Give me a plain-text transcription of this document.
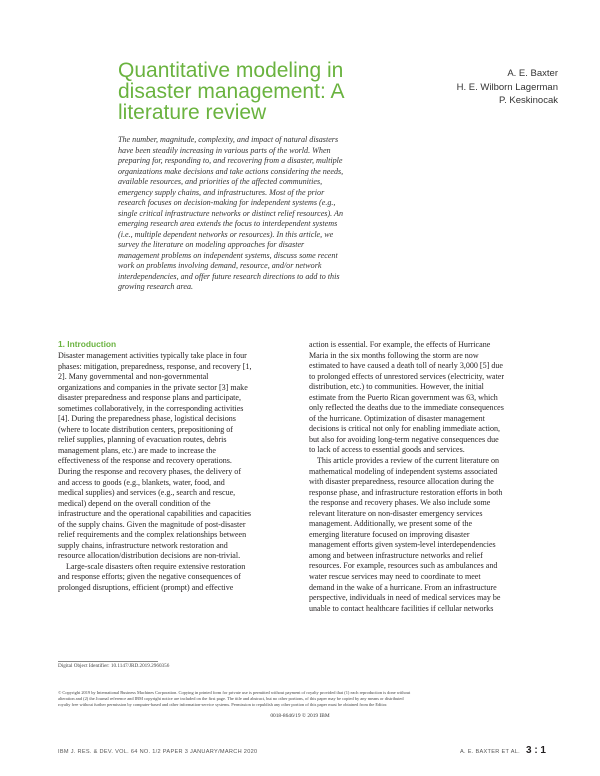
Quantitative modeling in
disaster management: A
literature review
A. E. Baxter
H. E. Wilborn Lagerman
P. Keskinocak
The number, magnitude, complexity, and impact of natural disasters
have been steadily increasing in various parts of the world. When
preparing for, responding to, and recovering from a disaster, multiple
organizations make decisions and take actions considering the needs,
available resources, and priorities of the affected communities,
emergency supply chains, and infrastructures. Most of the prior
research focuses on decision-making for independent systems (e.g.,
single critical infrastructure networks or distinct relief resources). An
emerging research area extends the focus to interdependent systems
(i.e., multiple dependent networks or resources). In this article, we
survey the literature on modeling approaches for disaster
management problems on independent systems, discuss some recent
work on problems involving demand, resource, and/or network
interdependencies, and offer future research directions to add to this
growing research area.
1. Introduction
Disaster management activities typically take place in four
phases: mitigation, preparedness, response, and recovery [1,
2]. Many governmental and non-governmental
organizations and companies in the private sector [3] make
disaster preparedness and response plans and participate,
sometimes collaboratively, in the corresponding activities
[4]. During the preparedness phase, logistical decisions
(where to locate distribution centers, prepositioning of
relief supplies, planning of evacuation routes, debris
management plans, etc.) are made to increase the
effectiveness of the response and recovery operations.
During the response and recovery phases, the delivery of
and access to goods (e.g., blankets, water, food, and
medical supplies) and services (e.g., search and rescue,
medical) depend on the overall condition of the
infrastructure and the operational capabilities and capacities
of the supply chains. Given the magnitude of post-disaster
relief requirements and the complex relationships between
supply chains, infrastructure network restoration and
resource allocation/distribution decisions are non-trivial.
Large-scale disasters often require extensive restoration
and response efforts; given the negative consequences of
prolonged disruptions, efficient (prompt) and effective
action is essential. For example, the effects of Hurricane
Maria in the six months following the storm are now
estimated to have caused a death toll of nearly 3,000 [5] due
to prolonged effects of unrestored services (electricity, water
distribution, etc.) to communities. However, the initial
estimate from the Puerto Rican government was 63, which
only reflected the deaths due to the immediate consequences
of the hurricane. Optimization of disaster management
decisions is critical not only for enabling immediate action,
but also for avoiding long-term negative consequences due
to lack of access to essential goods and services.
This article provides a review of the current literature on
mathematical modeling of independent systems associated
with disaster preparedness, resource allocation during the
response phase, and infrastructure restoration efforts in both
the response and recovery phases. We also include some
relevant literature on non-disaster emergency services
management. Additionally, we present some of the
emerging literature focused on improving disaster
management efforts given system-level interdependencies
among and between infrastructure networks and relief
resources. For example, resources such as ambulances and
water rescue services may need to coordinate to meet
demand in the wake of a hurricane. From an infrastructure
perspective, individuals in need of medical services may be
unable to contact healthcare facilities if cellular networks
Digital Object Identifier: 10.1147/JRD.2019.2960356
© Copyright 2019 by International Business Machines Corporation. Copying in printed form for private use is permitted without payment of royalty provided that (1) each reproduction is done without
alteration and (2) the Journal reference and IBM copyright notice are included on the first page. The title and abstract, but no other portions, of this paper may be copied by any means or distributed
royalty free without further permission by computer-based and other information-service systems. Permission to republish any other portion of this paper must be obtained from the Editor.
0018-8646/19 © 2019 IBM
IBM J. RES. & DEV. VOL. 64 NO. 1/2 PAPER 3 JANUARY/MARCH 2020	A. E. BAXTER ET AL. 3 : 1
